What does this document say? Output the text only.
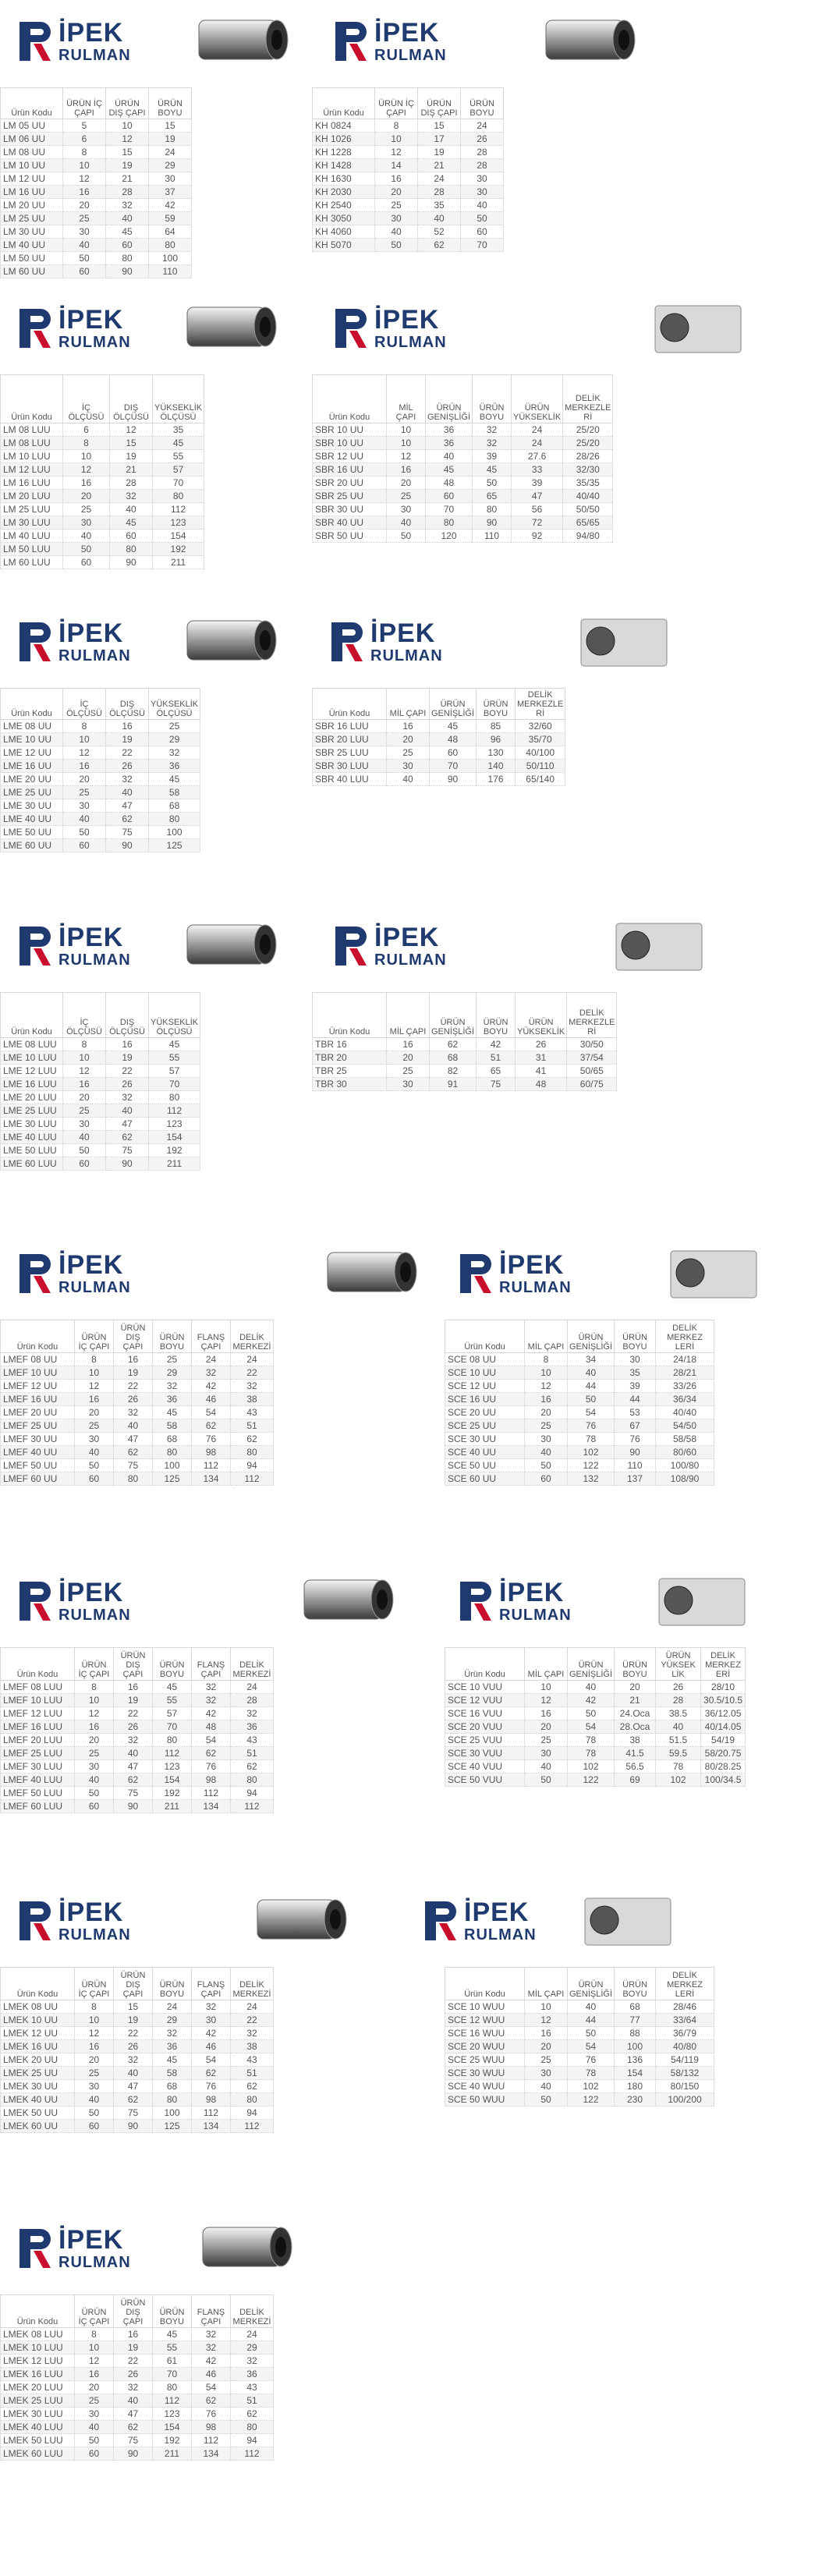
İPEK
RULMAN
Ürün Kodu	ÜRÜN İÇ ÇAPI	ÜRÜN DIŞ ÇAPI	ÜRÜN BOYU
LM 05 UU	5	10	15
LM 06 UU	6	12	19
LM 08 UU	8	15	24
LM 10 UU	10	19	29
LM 12 UU	12	21	30
LM 16 UU	16	28	37
LM 20 UU	20	32	42
LM 25 UU	25	40	59
LM 30 UU	30	45	64
LM 40 UU	40	60	80
LM 50 UU	50	80	100
LM 60 UU	60	90	110
İPEK
RULMAN
Ürün Kodu	ÜRÜN İÇ ÇAPI	ÜRÜN DIŞ ÇAPI	ÜRÜN BOYU
KH 0824	8	15	24
KH 1026	10	17	26
KH 1228	12	19	28
KH 1428	14	21	28
KH 1630	16	24	30
KH 2030	20	28	30
KH 2540	25	35	40
KH 3050	30	40	50
KH 4060	40	52	60
KH 5070	50	62	70
İPEK
RULMAN
Ürün Kodu	İÇ ÖLÇÜSÜ	DIŞ ÖLÇÜSÜ	YÜKSEKLİK ÖLÇÜSÜ
LM 08 LUU	6	12	35
LM 08 LUU	8	15	45
LM 10 LUU	10	19	55
LM 12 LUU	12	21	57
LM 16 LUU	16	28	70
LM 20 LUU	20	32	80
LM 25 LUU	25	40	112
LM 30 LUU	30	45	123
LM 40 LUU	40	60	154
LM 50 LUU	50	80	192
LM 60 LUU	60	90	211
İPEK
RULMAN
Ürün Kodu	MİL ÇAPI	ÜRÜN GENİŞLİĞİ	ÜRÜN BOYU	ÜRÜN YÜKSEKLİK	DELİK MERKEZLE Rİ
SBR 10 UU	10	36	32	24	25/20
SBR 10 UU	10	36	32	24	25/20
SBR 12 UU	12	40	39	27.6	28/26
SBR 16 UU	16	45	45	33	32/30
SBR 20 UU	20	48	50	39	35/35
SBR 25 UU	25	60	65	47	40/40
SBR 30 UU	30	70	80	56	50/50
SBR 40 UU	40	80	90	72	65/65
SBR 50 UU	50	120	110	92	94/80
İPEK
RULMAN
Ürün Kodu	İÇ ÖLÇÜSÜ	DIŞ ÖLÇÜSÜ	YÜKSEKLİK ÖLÇÜSÜ
LME 08 UU	8	16	25
LME 10 UU	10	19	29
LME 12 UU	12	22	32
LME 16 UU	16	26	36
LME 20 UU	20	32	45
LME 25 UU	25	40	58
LME 30 UU	30	47	68
LME 40 UU	40	62	80
LME 50 UU	50	75	100
LME 60 UU	60	90	125
İPEK
RULMAN
Ürün Kodu	MİL ÇAPI	ÜRÜN GENİŞLİĞİ	ÜRÜN BOYU	DELİK MERKEZLE Rİ
SBR 16 LUU	16	45	85	32/60
SBR 20 LUU	20	48	96	35/70
SBR 25 LUU	25	60	130	40/100
SBR 30 LUU	30	70	140	50/110
SBR 40 LUU	40	90	176	65/140
İPEK
RULMAN
Ürün Kodu	İÇ ÖLÇÜSÜ	DIŞ ÖLÇÜSÜ	YÜKSEKLİK ÖLÇÜSÜ
LME 08 LUU	8	16	45
LME 10 LUU	10	19	55
LME 12 LUU	12	22	57
LME 16 LUU	16	26	70
LME 20 LUU	20	32	80
LME 25 LUU	25	40	112
LME 30 LUU	30	47	123
LME 40 LUU	40	62	154
LME 50 LUU	50	75	192
LME 60 LUU	60	90	211
İPEK
RULMAN
Ürün Kodu	MİL ÇAPI	ÜRÜN GENİŞLİĞİ	ÜRÜN BOYU	ÜRÜN YÜKSEKLİK	DELİK MERKEZLE Rİ
TBR 16	16	62	42	26	30/50
TBR 20	20	68	51	31	37/54
TBR 25	25	82	65	41	50/65
TBR 30	30	91	75	48	60/75
İPEK
RULMAN
Ürün Kodu	ÜRÜN İÇ ÇAPI	ÜRÜN DIŞ ÇAPI	ÜRÜN BOYU	FLANŞ ÇAPI	DELİK MERKEZİ
LMEF 08 UU	8	16	25	24	24
LMEF 10 UU	10	19	29	32	22
LMEF 12 UU	12	22	32	42	32
LMEF 16 UU	16	26	36	46	38
LMEF 20 UU	20	32	45	54	43
LMEF 25 UU	25	40	58	62	51
LMEF 30 UU	30	47	68	76	62
LMEF 40 UU	40	62	80	98	80
LMEF 50 UU	50	75	100	112	94
LMEF 60 UU	60	80	125	134	112
İPEK
RULMAN
Ürün Kodu	MİL ÇAPI	ÜRÜN GENİŞLİĞİ	ÜRÜN BOYU	DELİK MERKEZ LERİ
SCE 08 UU	8	34	30	24/18
SCE 10 UU	10	40	35	28/21
SCE 12 UU	12	44	39	33/26
SCE 16 UU	16	50	44	36/34
SCE 20 UU	20	54	53	40/40
SCE 25 UU	25	76	67	54/50
SCE 30 UU	30	78	76	58/58
SCE 40 UU	40	102	90	80/60
SCE 50 UU	50	122	110	100/80
SCE 60 UU	60	132	137	108/90
İPEK
RULMAN
Ürün Kodu	ÜRÜN İÇ ÇAPI	ÜRÜN DIŞ ÇAPI	ÜRÜN BOYU	FLANŞ ÇAPI	DELİK MERKEZİ
LMEF 08 LUU	8	16	45	32	24
LMEF 10 LUU	10	19	55	32	28
LMEF 12 LUU	12	22	57	42	32
LMEF 16 LUU	16	26	70	48	36
LMEF 20 LUU	20	32	80	54	43
LMEF 25 LUU	25	40	112	62	51
LMEF 30 LUU	30	47	123	76	62
LMEF 40 LUU	40	62	154	98	80
LMEF 50 LUU	50	75	192	112	94
LMEF 60 LUU	60	90	211	134	112
İPEK
RULMAN
Ürün Kodu	MİL ÇAPI	ÜRÜN GENİŞLİĞİ	ÜRÜN BOYU	ÜRÜN YÜKSEK LİK	DELİK MERKEZ ERİ
SCE 10 VUU	10	40	20	26	28/10
SCE 12 VUU	12	42	21	28	30.5/10.5
SCE 16 VUU	16	50	24.Oca	38.5	36/12.05
SCE 20 VUU	20	54	28.Oca	40	40/14.05
SCE 25 VUU	25	78	38	51.5	54/19
SCE 30 VUU	30	78	41.5	59.5	58/20.75
SCE 40 VUU	40	102	56.5	78	80/28.25
SCE 50 VUU	50	122	69	102	100/34.5
İPEK
RULMAN
Ürün Kodu	ÜRÜN İÇ ÇAPI	ÜRÜN DIŞ ÇAPI	ÜRÜN BOYU	FLANŞ ÇAPI	DELİK MERKEZİ
LMEK 08 UU	8	15	24	32	24
LMEK 10 UU	10	19	29	30	22
LMEK 12 UU	12	22	32	42	32
LMEK 16 UU	16	26	36	46	38
LMEK 20 UU	20	32	45	54	43
LMEK 25 UU	25	40	58	62	51
LMEK 30 UU	30	47	68	76	62
LMEK 40 UU	40	62	80	98	80
LMEK 50 UU	50	75	100	112	94
LMEK 60 UU	60	90	125	134	112
İPEK
RULMAN
Ürün Kodu	MİL ÇAPI	ÜRÜN GENİŞLİĞİ	ÜRÜN BOYU	DELİK MERKEZ LERİ
SCE 10 WUU	10	40	68	28/46
SCE 12 WUU	12	44	77	33/64
SCE 16 WUU	16	50	88	36/79
SCE 20 WUU	20	54	100	40/80
SCE 25 WUU	25	76	136	54/119
SCE 30 WUU	30	78	154	58/132
SCE 40 WUU	40	102	180	80/150
SCE 50 WUU	50	122	230	100/200
İPEK
RULMAN
Ürün Kodu	ÜRÜN İÇ ÇAPI	ÜRÜN DIŞ ÇAPI	ÜRÜN BOYU	FLANŞ ÇAPI	DELİK MERKEZİ
LMEK 08 LUU	8	16	45	32	24
LMEK 10 LUU	10	19	55	32	29
LMEK 12 LUU	12	22	61	42	32
LMEK 16 LUU	16	26	70	46	36
LMEK 20 LUU	20	32	80	54	43
LMEK 25 LUU	25	40	112	62	51
LMEK 30 LUU	30	47	123	76	62
LMEK 40 LUU	40	62	154	98	80
LMEK 50 LUU	50	75	192	112	94
LMEK 60 LUU	60	90	211	134	112
